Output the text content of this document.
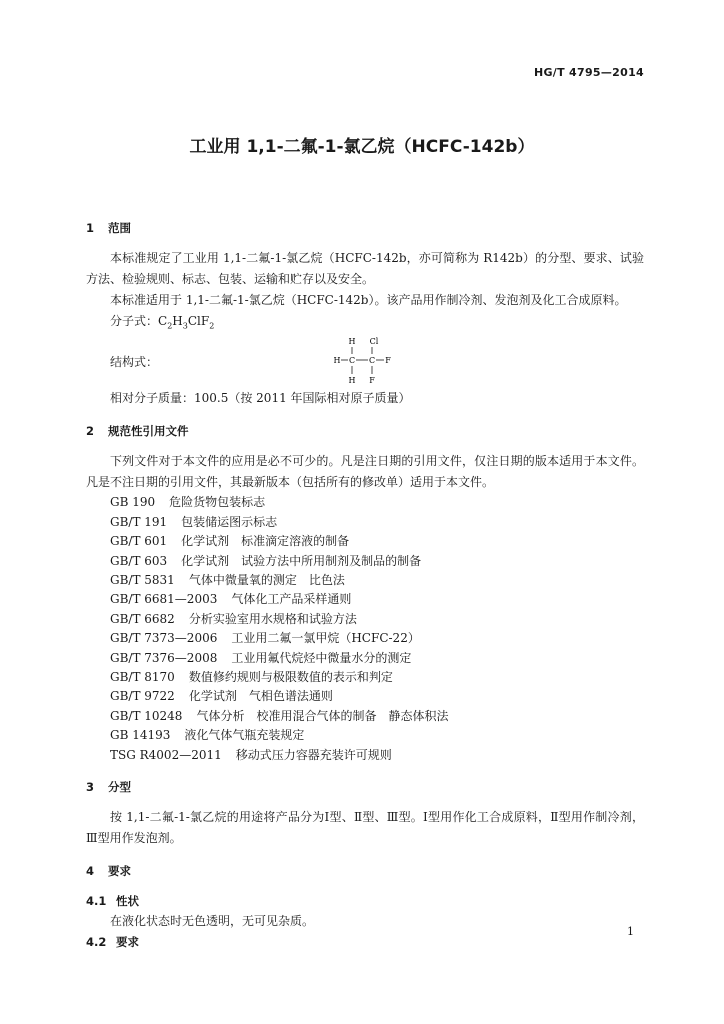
HG/T 4795—2014
工业用 1,1-二氟-1-氯乙烷（HCFC-142b）
1 范围
本标准规定了工业用 1,1-二氟-1-氯乙烷（HCFC-142b，亦可简称为 R142b）的分型、要求、试验方法、检验规则、标志、包装、运输和贮存以及安全。
本标准适用于 1,1-二氟-1-氯乙烷（HCFC-142b）。该产品用作制冷剂、发泡剂及化工合成原料。
分子式：$C_2H_3ClF_2$
结构式：
H Cl
H C C F
H F
相对分子质量：100.5（按 2011 年国际相对原子质量）
2 规范性引用文件
下列文件对于本文件的应用是必不可少的。凡是注日期的引用文件，仅注日期的版本适用于本文件。凡是不注日期的引用文件，其最新版本（包括所有的修改单）适用于本文件。
GB 190 危险货物包装标志
GB/T 191 包装储运图示标志
GB/T 601 化学试剂　标准滴定溶液的制备
GB/T 603 化学试剂　试验方法中所用制剂及制品的制备
GB/T 5831 气体中微量氧的测定　比色法
GB/T 6681—2003 气体化工产品采样通则
GB/T 6682 分析实验室用水规格和试验方法
GB/T 7373—2006 工业用二氟一氯甲烷（HCFC-22）
GB/T 7376—2008 工业用氟代烷烃中微量水分的测定
GB/T 8170 数值修约规则与极限数值的表示和判定
GB/T 9722 化学试剂　气相色谱法通则
GB/T 10248 气体分析　校准用混合气体的制备　静态体积法
GB 14193 液化气体气瓶充装规定
TSG R4002—2011 移动式压力容器充装许可规则
3 分型
按 1,1-二氟-1-氯乙烷的用途将产品分为Ⅰ型、Ⅱ型、Ⅲ型。Ⅰ型用作化工合成原料，Ⅱ型用作制冷剂，Ⅲ型用作发泡剂。
4 要求
4.1 性状
在液化状态时无色透明，无可见杂质。
4.2 要求
1
